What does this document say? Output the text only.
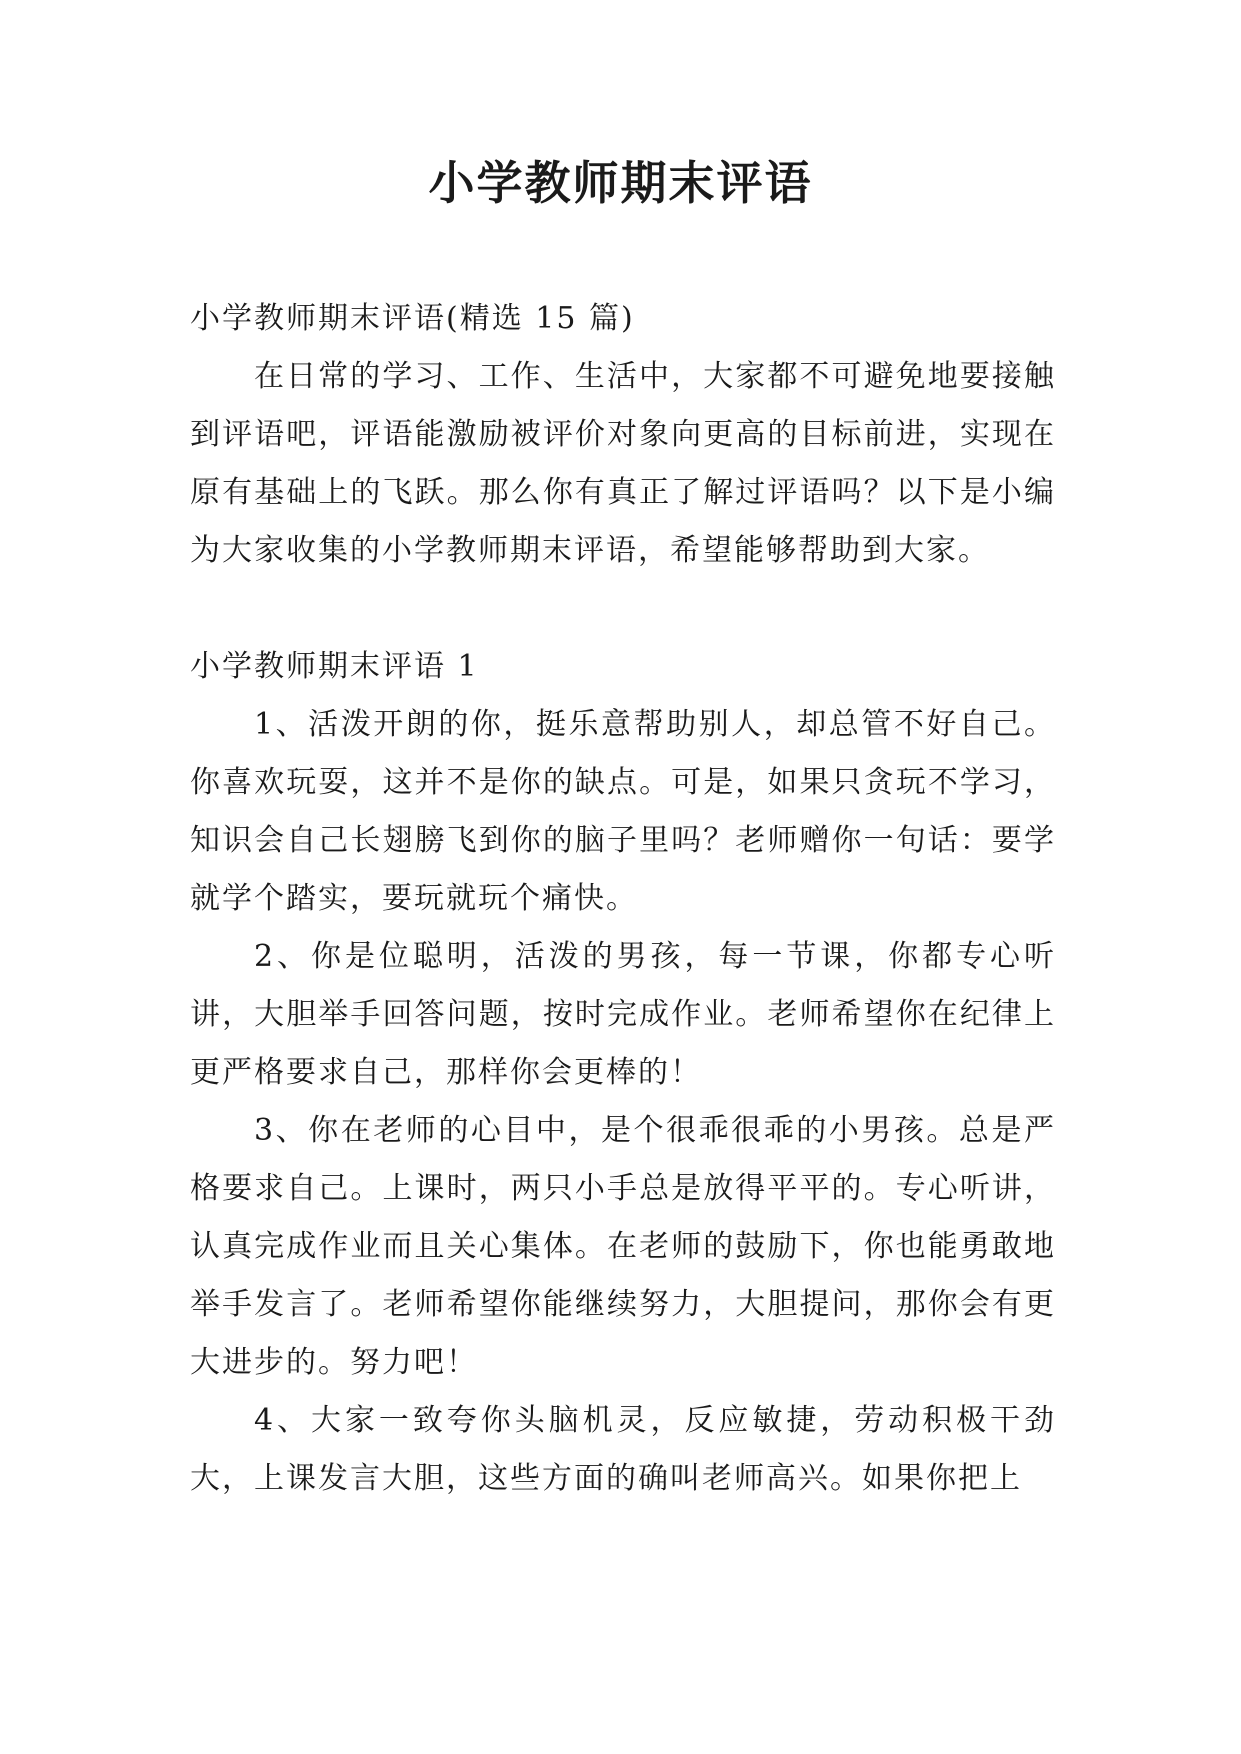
小学教师期末评语

小学教师期末评语(精选 15 篇)

在日常的学习、工作、生活中，大家都不可避免地要接触到评语吧，评语能激励被评价对象向更高的目标前进，实现在原有基础上的飞跃。那么你有真正了解过评语吗？以下是小编为大家收集的小学教师期末评语，希望能够帮助到大家。

小学教师期末评语 1

1、活泼开朗的你，挺乐意帮助别人，却总管不好自己。你喜欢玩耍，这并不是你的缺点。可是，如果只贪玩不学习，知识会自己长翅膀飞到你的脑子里吗？老师赠你一句话：要学就学个踏实，要玩就玩个痛快。

2、你是位聪明，活泼的男孩，每一节课，你都专心听讲，大胆举手回答问题，按时完成作业。老师希望你在纪律上更严格要求自己，那样你会更棒的！

3、你在老师的心目中，是个很乖很乖的小男孩。总是严格要求自己。上课时，两只小手总是放得平平的。专心听讲，认真完成作业而且关心集体。在老师的鼓励下，你也能勇敢地举手发言了。老师希望你能继续努力，大胆提问，那你会有更大进步的。努力吧！

4、大家一致夸你头脑机灵，反应敏捷，劳动积极干劲大，上课发言大胆，这些方面的确叫老师高兴。如果你把上
